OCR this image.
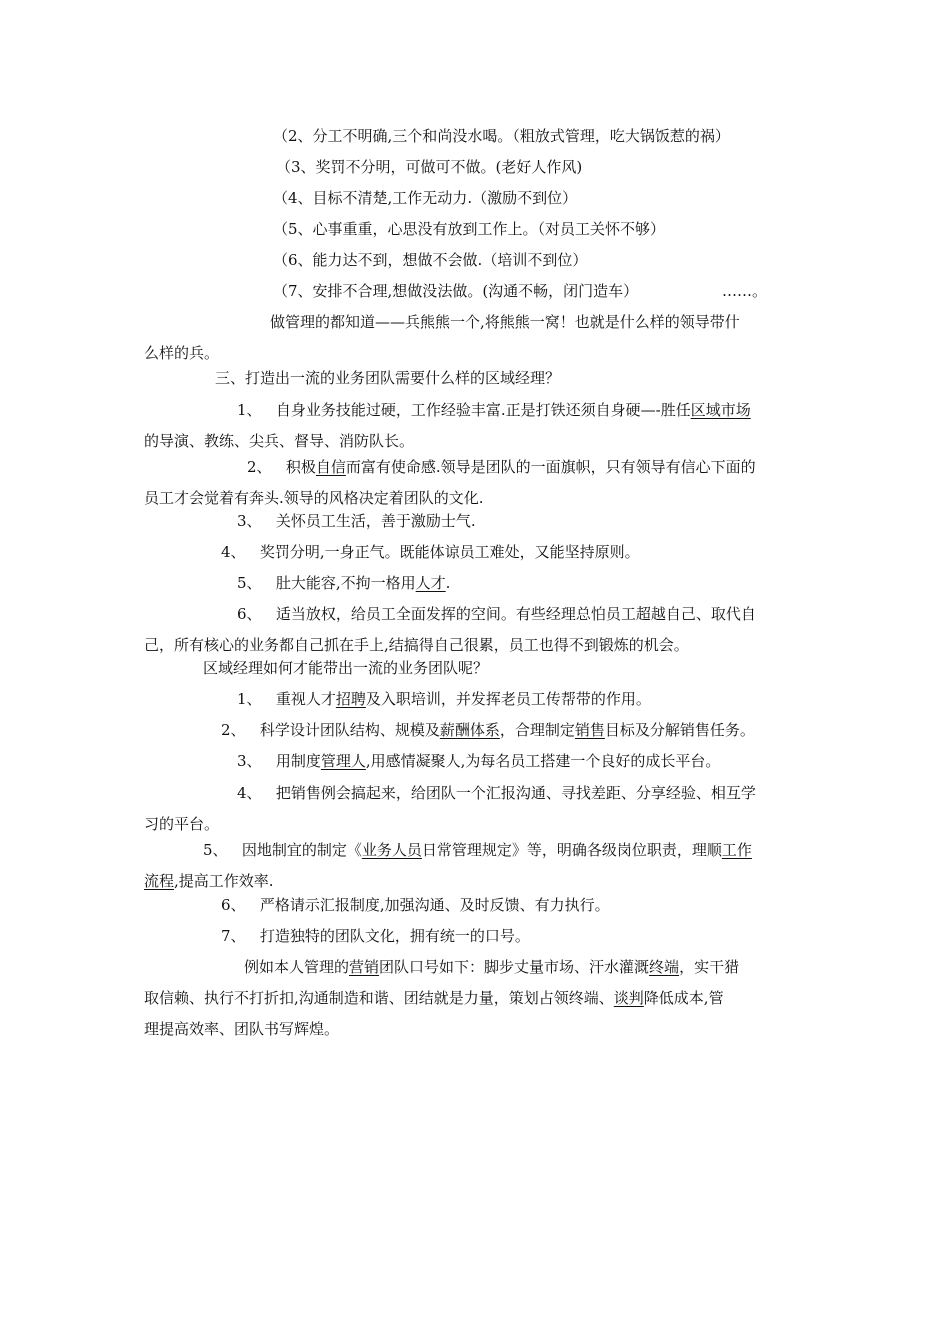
（2、分工不明确,三个和尚没水喝。（粗放式管理，吃大锅饭惹的祸）
（3、奖罚不分明，可做可不做。(老好人作风)
（4、目标不清楚,工作无动力.（激励不到位）
（5、心事重重，心思没有放到工作上。（对员工关怀不够）
（6、能力达不到，想做不会做.（培训不到位）
（7、安排不合理,想做没法做。(沟通不畅，闭门造车）	……。
做管理的都知道——兵熊熊一个,将熊熊一窝！也就是什么样的领导带什
么样的兵。
三、打造出一流的业务团队需要什么样的区域经理？
1、 自身业务技能过硬，工作经验丰富.正是打铁还须自身硬—-胜任区域市场
的导演、教练、尖兵、督导、消防队长。
2、 积极自信而富有使命感.领导是团队的一面旗帜，只有领导有信心下面的
员工才会觉着有奔头.领导的风格决定着团队的文化.
3、 关怀员工生活，善于激励士气.
4、 奖罚分明,一身正气。既能体谅员工难处，又能坚持原则。
5、 肚大能容,不拘一格用人才.
6、 适当放权，给员工全面发挥的空间。有些经理总怕员工超越自己、取代自
己，所有核心的业务都自己抓在手上,结搞得自己很累，员工也得不到锻炼的机会。
区域经理如何才能带出一流的业务团队呢？
1、 重视人才招聘及入职培训，并发挥老员工传帮带的作用。
2、 科学设计团队结构、规模及薪酬体系，合理制定销售目标及分解销售任务。
3、 用制度管理人,用感情凝聚人,为每名员工搭建一个良好的成长平台。
4、 把销售例会搞起来，给团队一个汇报沟通、寻找差距、分享经验、相互学
习的平台。
5、 因地制宜的制定《业务人员日常管理规定》等，明确各级岗位职责，理顺工作
流程,提高工作效率.
6、 严格请示汇报制度,加强沟通、及时反馈、有力执行。
7、 打造独特的团队文化，拥有统一的口号。
例如本人管理的营销团队口号如下：脚步丈量市场、汗水灌溉终端，实干猎
取信赖、执行不打折扣,沟通制造和谐、团结就是力量，策划占领终端、谈判降低成本,管
理提高效率、团队书写辉煌。
